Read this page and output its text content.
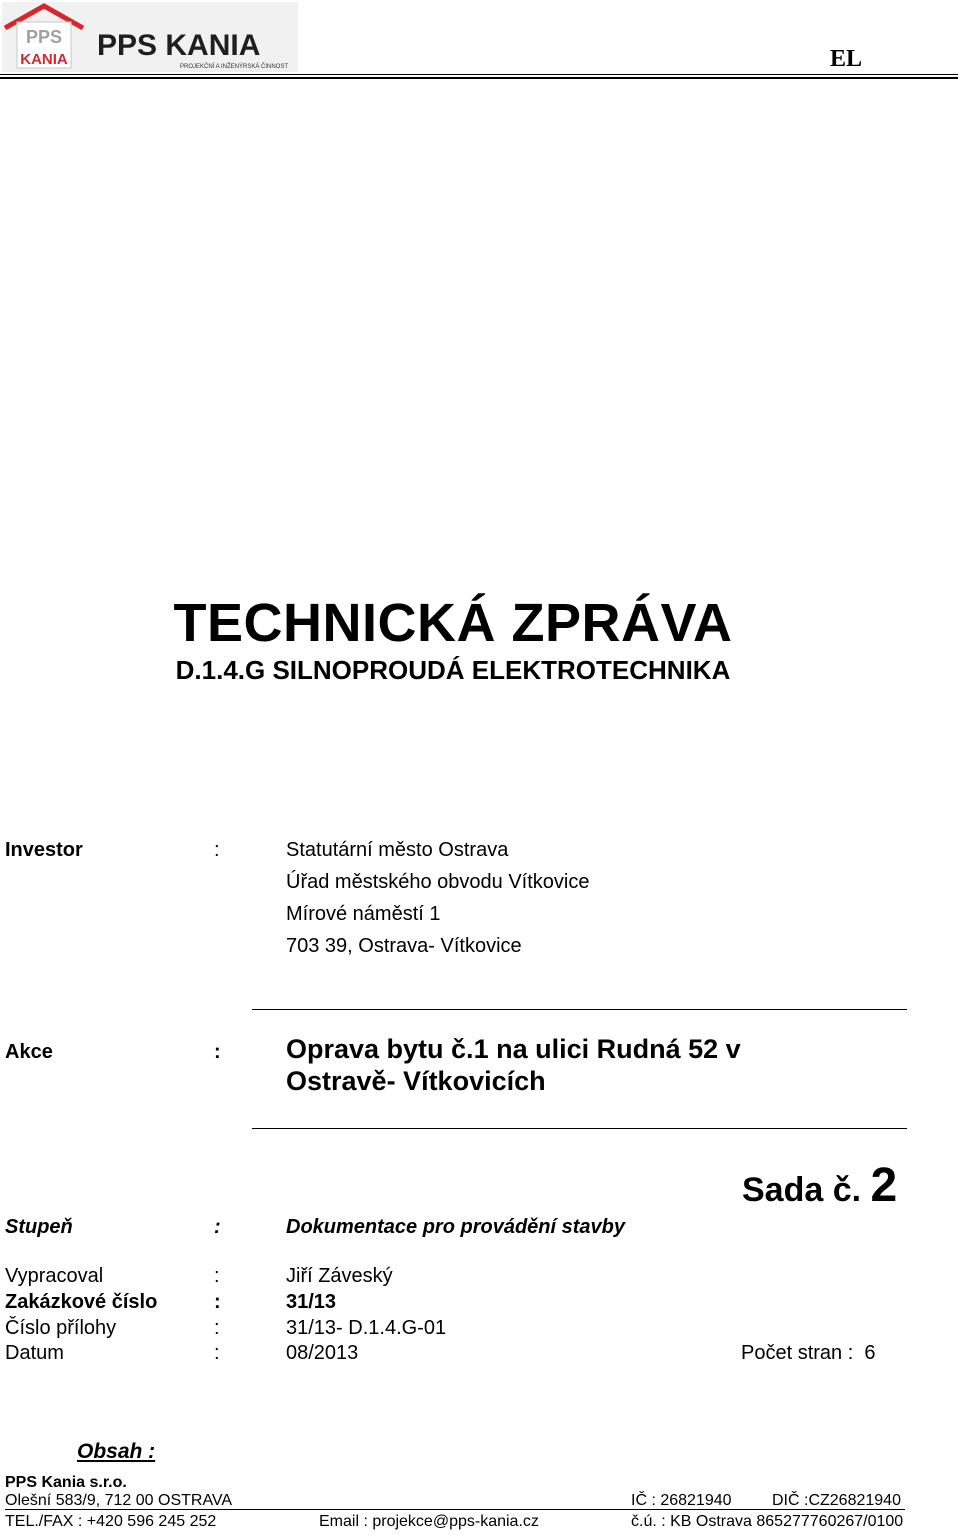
PPS
KANIA PPS KANIA
PROJEKČNÍ A INŽENÝRSKÁ ČINNOST	EL
TECHNICKÁ ZPRÁVA
D.1.4.G SILNOPROUDÁ ELEKTROTECHNIKA
Investor	:	Statutární město Ostrava
Úřad městského obvodu Vítkovice
Mírové náměstí 1
703 39, Ostrava- Vítkovice
Akce	: Oprava bytu č.1 na ulici Rudná 52 v
Ostravě- Vítkovicích
Sada č. 2
Stupeň	:	Dokumentace pro provádění stavby
Vypracoval	:	Jiří Záveský
Zakázkové číslo	:	31/13
Číslo přílohy	:	31/13- D.1.4.G-01
Datum	:	08/2013	Počet stran :  6
Obsah :
PPS Kania s.r.o.
Olešní 583/9, 712 00 OSTRAVA	IČ : 26821940	DIČ :CZ26821940
TEL./FAX : +420 596 245 252	Email : projekce@pps-kania.cz	č.ú. : KB Ostrava 865277760267/0100
